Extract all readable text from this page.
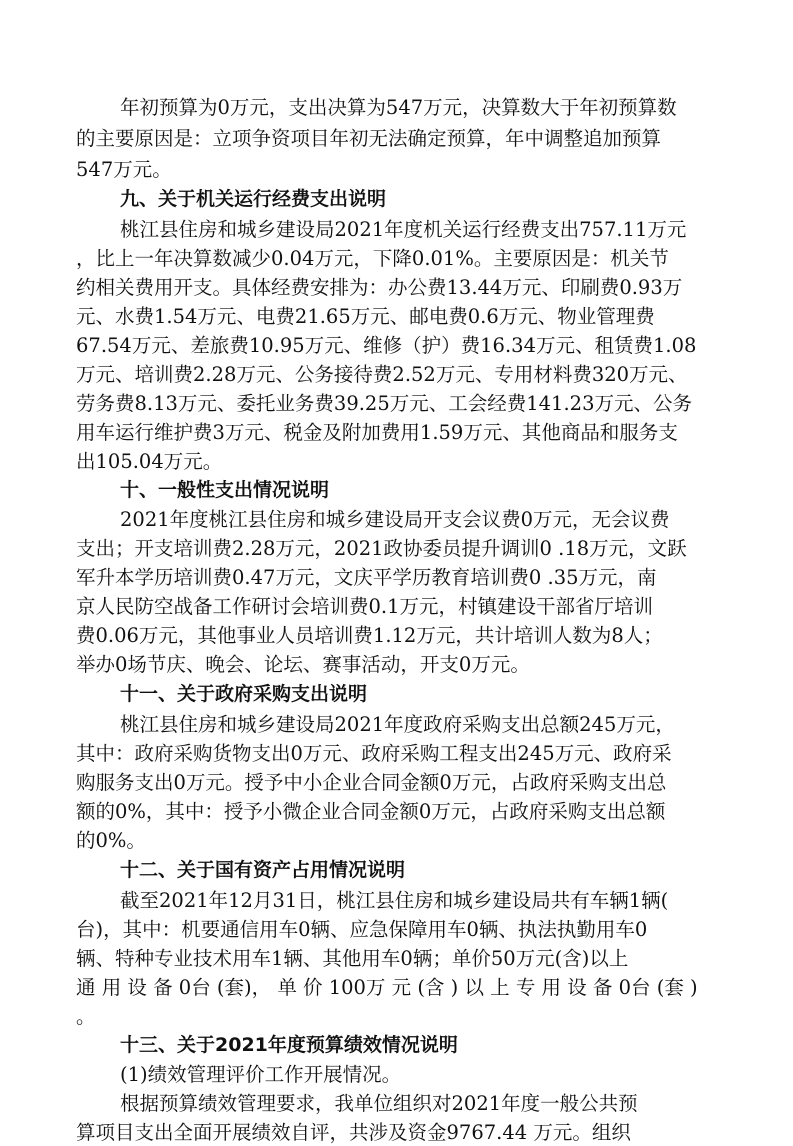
年初预算为0万元，支出决算为547万元，决算数大于年初预算数
的主要原因是：立项争资项目年初无法确定预算，年中调整追加预算
547万元。
九、关于机关运行经费支出说明
桃江县住房和城乡建设局2021年度机关运行经费支出757.11万元
，比上一年决算数减少0.04万元，下降0.01%。主要原因是：机关节
约相关费用开支。具体经费安排为：办公费13.44万元、印刷费0.93万
元、水费1.54万元、电费21.65万元、邮电费0.6万元、物业管理费
67.54万元、差旅费10.95万元、维修（护）费16.34万元、租赁费1.08
万元、培训费2.28万元、公务接待费2.52万元、专用材料费320万元、
劳务费8.13万元、委托业务费39.25万元、工会经费141.23万元、公务
用车运行维护费3万元、税金及附加费用1.59万元、其他商品和服务支
出105.04万元。
十、一般性支出情况说明
2021年度桃江县住房和城乡建设局开支会议费0万元，无会议费
支出；开支培训费2.28万元，2021政协委员提升调训0 .18万元，文跃
军升本学历培训费0.47万元，文庆平学历教育培训费0 .35万元，南
京人民防空战备工作研讨会培训费0.1万元，村镇建设干部省厅培训
费0.06万元，其他事业人员培训费1.12万元，共计培训人数为8人；
举办0场节庆、晚会、论坛、赛事活动，开支0万元。
十一、关于政府采购支出说明
桃江县住房和城乡建设局2021年度政府采购支出总额245万元，
其中：政府采购货物支出0万元、政府采购工程支出245万元、政府采
购服务支出0万元。授予中小企业合同金额0万元，占政府采购支出总
额的0%，其中：授予小微企业合同金额0万元，占政府采购支出总额
的0%。
十二、关于国有资产占用情况说明
截至2021年12月31日，桃江县住房和城乡建设局共有车辆1辆(
台)，其中：机要通信用车0辆、应急保障用车0辆、执法执勤用车0
辆、特种专业技术用车1辆、其他用车0辆；单价50万元(含)以上
通 用 设 备 0台 (套)， 单 价 100万 元 (含 ) 以 上 专 用 设 备 0台 (套 )
。
十三、关于2021年度预算绩效情况说明
(1)绩效管理评价工作开展情况。
根据预算绩效管理要求，我单位组织对2021年度一般公共预
算项目支出全面开展绩效自评，共涉及资金9767.44 万元。组织
